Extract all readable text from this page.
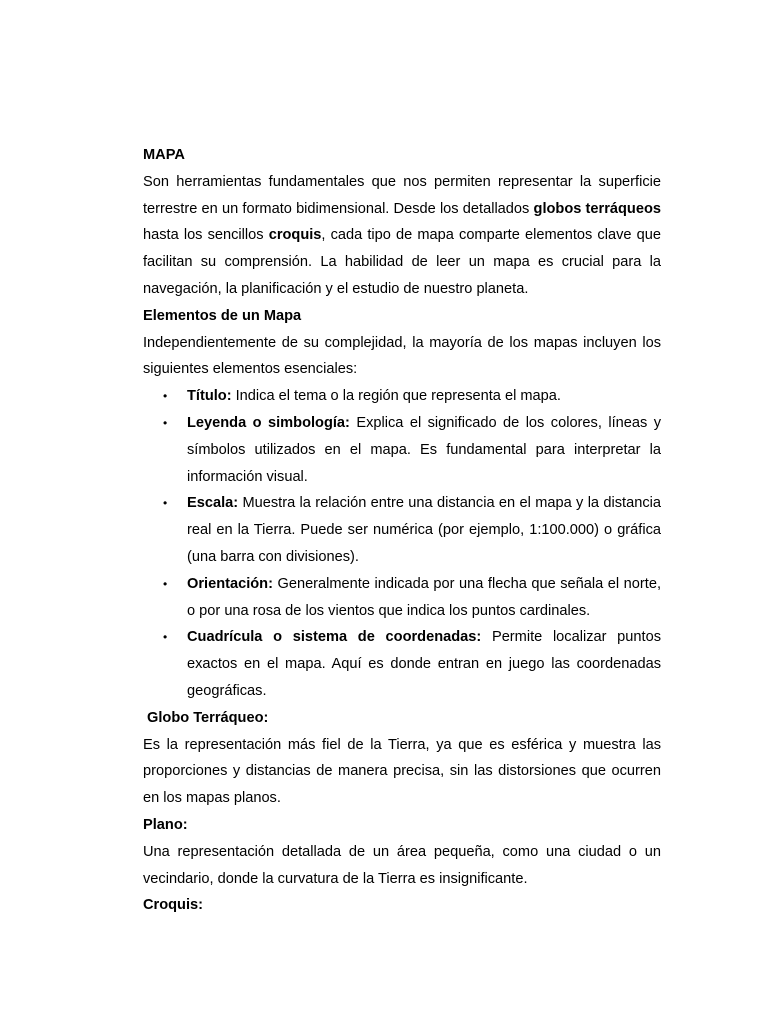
MAPA
Son herramientas fundamentales que nos permiten representar la superficie terrestre en un formato bidimensional. Desde los detallados globos terráqueos hasta los sencillos croquis, cada tipo de mapa comparte elementos clave que facilitan su comprensión. La habilidad de leer un mapa es crucial para la navegación, la planificación y el estudio de nuestro planeta.
Elementos de un Mapa
Independientemente de su complejidad, la mayoría de los mapas incluyen los siguientes elementos esenciales:
• Título: Indica el tema o la región que representa el mapa.
• Leyenda o simbología: Explica el significado de los colores, líneas y símbolos utilizados en el mapa. Es fundamental para interpretar la información visual.
• Escala: Muestra la relación entre una distancia en el mapa y la distancia real en la Tierra. Puede ser numérica (por ejemplo, 1:100.000) o gráfica (una barra con divisiones).
• Orientación: Generalmente indicada por una flecha que señala el norte, o por una rosa de los vientos que indica los puntos cardinales.
• Cuadrícula o sistema de coordenadas: Permite localizar puntos exactos en el mapa. Aquí es donde entran en juego las coordenadas geográficas.
Globo Terráqueo:
Es la representación más fiel de la Tierra, ya que es esférica y muestra las proporciones y distancias de manera precisa, sin las distorsiones que ocurren en los mapas planos.
Plano:
Una representación detallada de un área pequeña, como una ciudad o un vecindario, donde la curvatura de la Tierra es insignificante.
Croquis:
